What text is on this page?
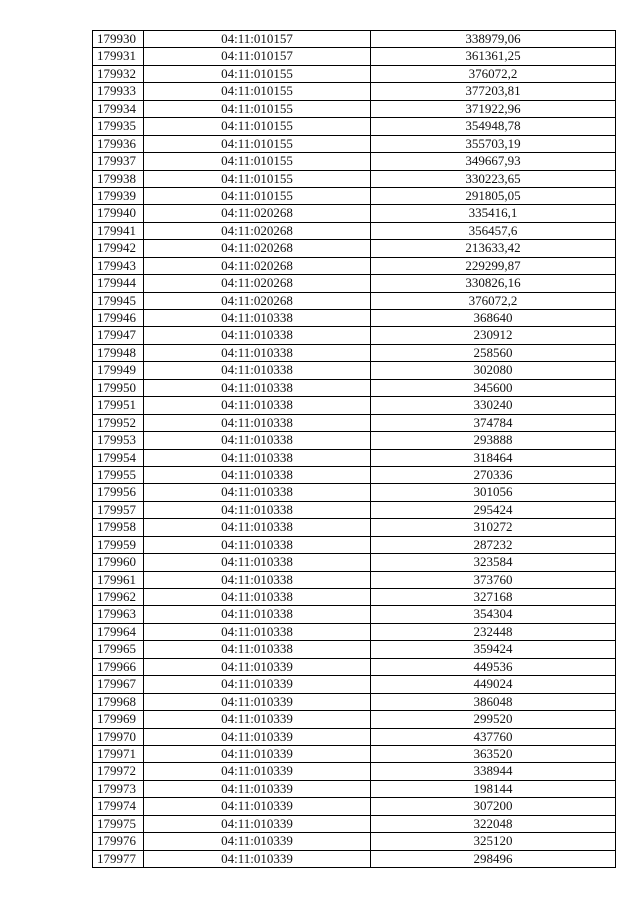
179930	04:11:010157	338979,06
179931	04:11:010157	361361,25
179932	04:11:010155	376072,2
179933	04:11:010155	377203,81
179934	04:11:010155	371922,96
179935	04:11:010155	354948,78
179936	04:11:010155	355703,19
179937	04:11:010155	349667,93
179938	04:11:010155	330223,65
179939	04:11:010155	291805,05
179940	04:11:020268	335416,1
179941	04:11:020268	356457,6
179942	04:11:020268	213633,42
179943	04:11:020268	229299,87
179944	04:11:020268	330826,16
179945	04:11:020268	376072,2
179946	04:11:010338	368640
179947	04:11:010338	230912
179948	04:11:010338	258560
179949	04:11:010338	302080
179950	04:11:010338	345600
179951	04:11:010338	330240
179952	04:11:010338	374784
179953	04:11:010338	293888
179954	04:11:010338	318464
179955	04:11:010338	270336
179956	04:11:010338	301056
179957	04:11:010338	295424
179958	04:11:010338	310272
179959	04:11:010338	287232
179960	04:11:010338	323584
179961	04:11:010338	373760
179962	04:11:010338	327168
179963	04:11:010338	354304
179964	04:11:010338	232448
179965	04:11:010338	359424
179966	04:11:010339	449536
179967	04:11:010339	449024
179968	04:11:010339	386048
179969	04:11:010339	299520
179970	04:11:010339	437760
179971	04:11:010339	363520
179972	04:11:010339	338944
179973	04:11:010339	198144
179974	04:11:010339	307200
179975	04:11:010339	322048
179976	04:11:010339	325120
179977	04:11:010339	298496
